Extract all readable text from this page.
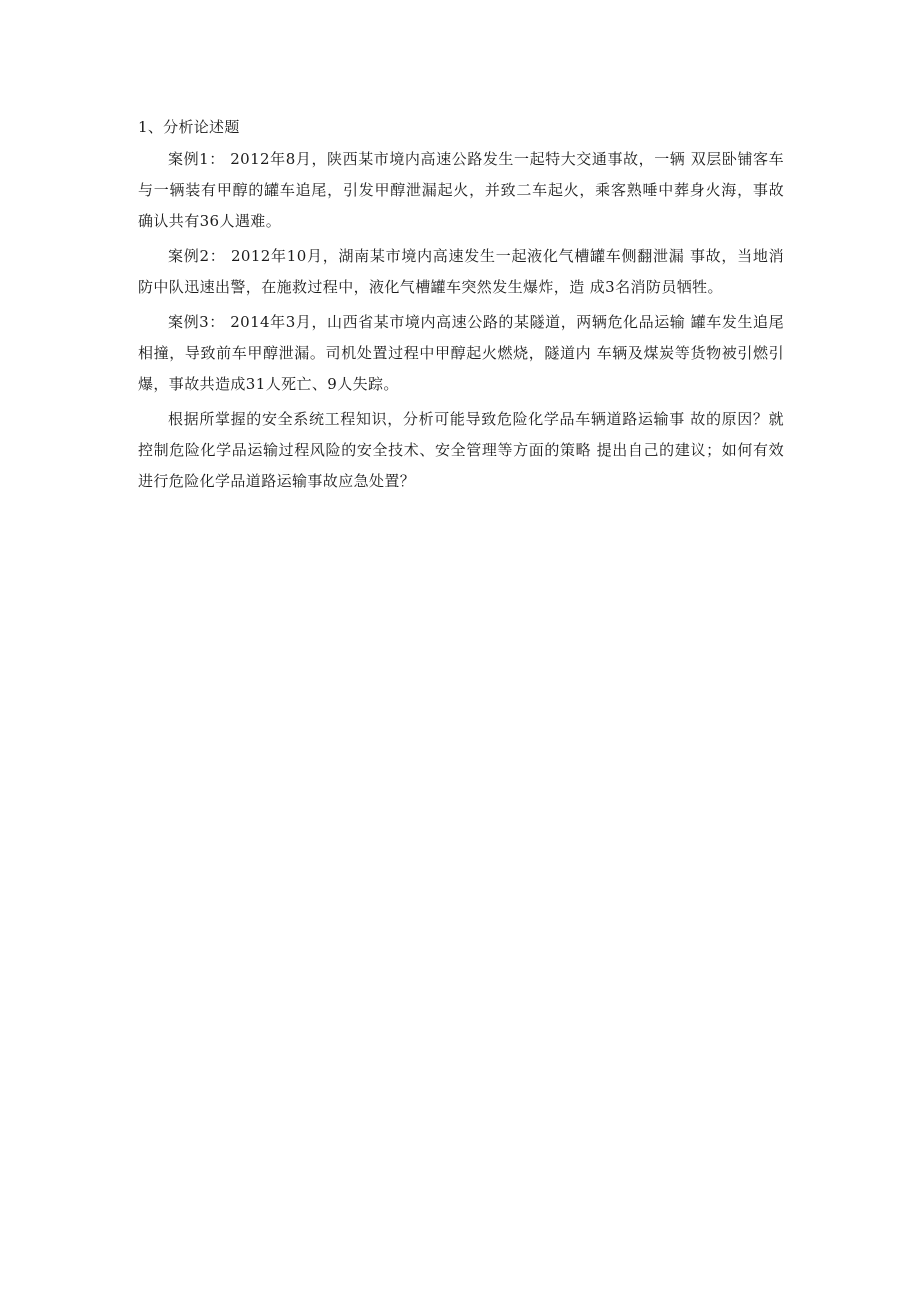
1、分析论述题

案例1： 2012年8月，陕西某市境内高速公路发生一起特大交通事故，一辆 双层卧铺客车与一辆装有甲醇的罐车追尾，引发甲醇泄漏起火，并致二车起火，乘客熟唾中葬身火海，事故确认共有36人遇难。

案例2： 2012年10月，湖南某市境内高速发生一起液化气槽罐车侧翻泄漏 事故，当地消防中队迅速出警，在施救过程中，液化气槽罐车突然发生爆炸，造 成3名消防员牺牲。

案例3： 2014年3月，山西省某市境内高速公路的某隧道，两辆危化品运输 罐车发生追尾相撞，导致前车甲醇泄漏。司机处置过程中甲醇起火燃烧，隧道内 车辆及煤炭等货物被引燃引爆，事故共造成31人死亡、9人失踪。

根据所掌握的安全系统工程知识，分析可能导致危险化学品车辆道路运输事 故的原因？就控制危险化学品运输过程风险的安全技术、安全管理等方面的策略 提出自己的建议；如何有效进行危险化学品道路运输事故应急处置？
